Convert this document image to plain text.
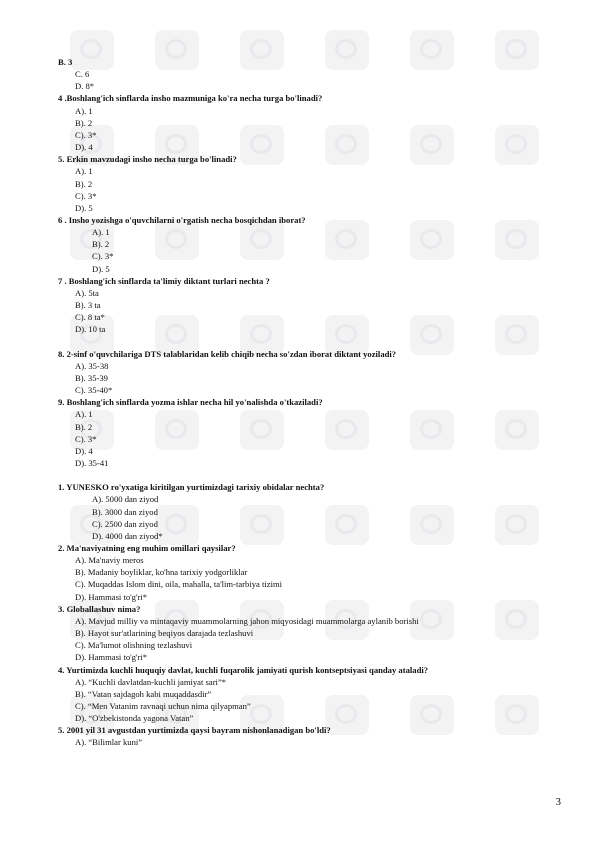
B. 3
C. 6
D. 8*
4 .Boshlang'ich sinflarda insho mazmuniga ko'ra necha turga bo'linadi?
A). 1
B). 2
C). 3*
D). 4
5. Erkin mavzudagi insho necha turga bo'linadi?
A). 1
B). 2
C). 3*
D). 5
6 . Insho yozishga o'quvchilarni o'rgatish necha bosqichdan iborat?
A). 1
B). 2
C). 3*
D). 5
7 . Boshlang'ich sinflarda ta'limiy diktant turlari nechta ?
A). 5ta
B). 3 ta
C). 8 ta*
D). 10 ta
8. 2-sinf o'quvchilariga DTS talablaridan kelib chiqib necha so'zdan iborat diktant yoziladi?
A). 35-38
B). 35-39
C). 35-40*
9. Boshlang'ich sinflarda yozma ishlar necha hil yo'nalishda o'tkaziladi?
A). 1
B). 2
C). 3*
D). 4
D). 35-41
1. YUNESKO ro'yxatiga kiritilgan yurtimizdagi tarixiy obidalar nechta?
A). 5000 dan ziyod
B). 3000 dan ziyod
C). 2500 dan ziyod
D). 4000 dan ziyod*
2. Ma'naviyatning eng muhim omillari qaysilar?
A). Ma'naviy meros
B). Madaniy boyliklar, ko'hna tarixiy yodgorliklar
C). Muqaddas Islom dini, oila, mahalla, ta'lim-tarbiya tizimi
D). Hammasi to'g'ri*
3. Globallashuv nima?
A). Mavjud milliy va mintaqaviy muammolarning jahon miqyosidagi muammolarga aylanib borishi
B). Hayot sur'atlarining beqiyos darajada tezlashuvi
C). Ma'lumot olishning tezlashuvi
D). Hammasi to'g'ri*
4. Yurtimizda kuchli huquqiy davlat, kuchli fuqarolik jamiyati qurish kontseptsiyasi qanday ataladi?
A). “Kuchli davlatdan-kuchli jamiyat sari”*
B). “Vatan sajdagoh kabi muqaddasdir”
C). “Men Vatanim ravnaqi uchun nima qilyapman”
D). “O'zbekistonda yagona Vatan”
5. 2001 yil 31 avgustdan yurtimizda qaysi bayram nishonlanadigan bo'ldi?
A). “Bilimlar kuni”
3
